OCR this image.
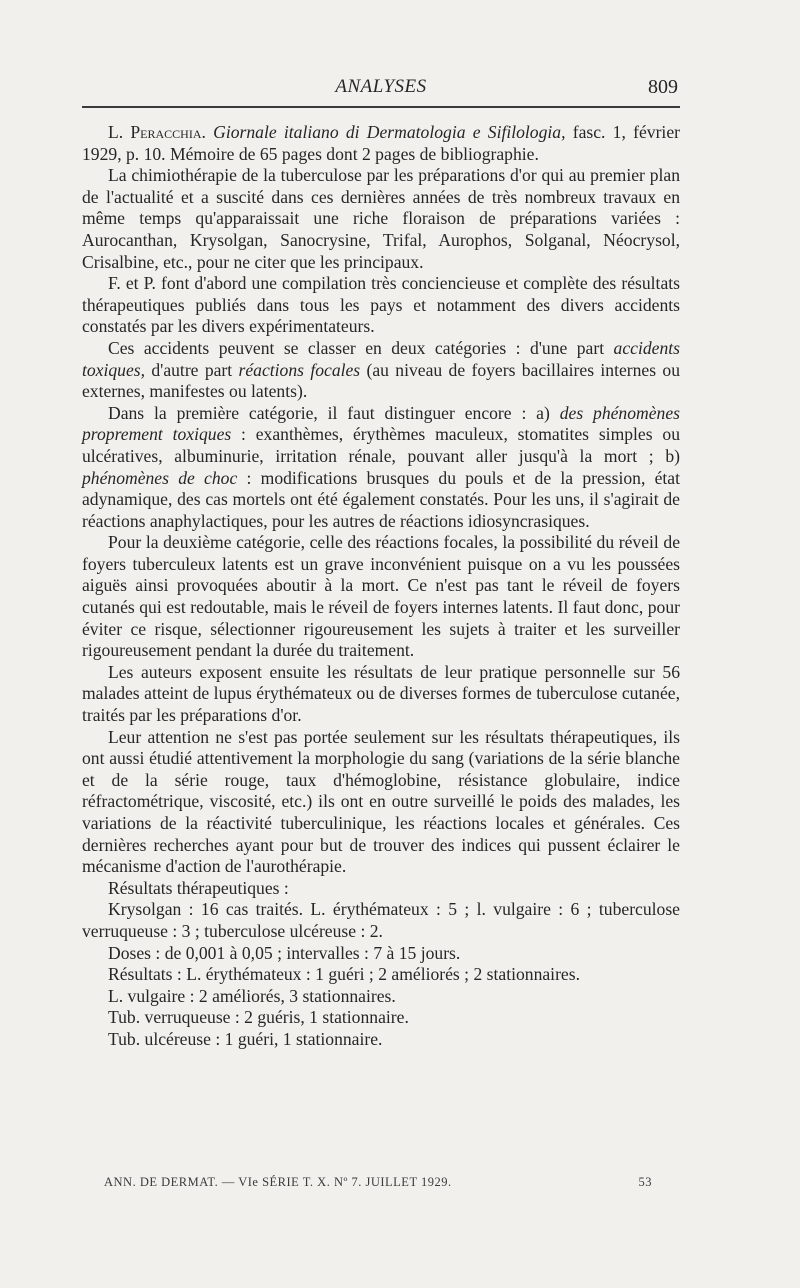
ANALYSES	809

L. Peracchia. Giornale italiano di Dermatologia e Sifilologia, fasc. 1, février 1929, p. 10. Mémoire de 65 pages dont 2 pages de bibliographie.

La chimiothérapie de la tuberculose par les préparations d'or qui au premier plan de l'actualité et a suscité dans ces dernières années de très nombreux travaux en même temps qu'apparaissait une riche floraison de préparations variées : Aurocanthan, Krysolgan, Sanocrysine, Trifal, Aurophos, Solganal, Néocrysol, Crisalbine, etc., pour ne citer que les principaux.

F. et P. font d'abord une compilation très conciencieuse et complète des résultats thérapeutiques publiés dans tous les pays et notamment des divers accidents constatés par les divers expérimentateurs.

Ces accidents peuvent se classer en deux catégories : d'une part accidents toxiques, d'autre part réactions focales (au niveau de foyers bacillaires internes ou externes, manifestes ou latents).

Dans la première catégorie, il faut distinguer encore : a) des phénomènes proprement toxiques : exanthèmes, érythèmes maculeux, stomatites simples ou ulcératives, albuminurie, irritation rénale, pouvant aller jusqu'à la mort ; b) phénomènes de choc : modifications brusques du pouls et de la pression, état adynamique, des cas mortels ont été également constatés. Pour les uns, il s'agirait de réactions anaphylactiques, pour les autres de réactions idiosyncrasiques.

Pour la deuxième catégorie, celle des réactions focales, la possibilité du réveil de foyers tuberculeux latents est un grave inconvénient puisque on a vu les poussées aiguës ainsi provoquées aboutir à la mort. Ce n'est pas tant le réveil de foyers cutanés qui est redoutable, mais le réveil de foyers internes latents. Il faut donc, pour éviter ce risque, sélectionner rigoureusement les sujets à traiter et les surveiller rigoureusement pendant la durée du traitement.

Les auteurs exposent ensuite les résultats de leur pratique personnelle sur 56 malades atteint de lupus érythémateux ou de diverses formes de tuberculose cutanée, traités par les préparations d'or.

Leur attention ne s'est pas portée seulement sur les résultats thérapeutiques, ils ont aussi étudié attentivement la morphologie du sang (variations de la série blanche et de la série rouge, taux d'hémoglobine, résistance globulaire, indice réfractométrique, viscosité, etc.) ils ont en outre surveillé le poids des malades, les variations de la réactivité tuberculinique, les réactions locales et générales. Ces dernières recherches ayant pour but de trouver des indices qui pussent éclairer le mécanisme d'action de l'aurothérapie.

Résultats thérapeutiques :

Krysolgan : 16 cas traités. L. érythémateux : 5 ; l. vulgaire : 6 ; tuberculose verruqueuse : 3 ; tuberculose ulcéreuse : 2.

Doses : de 0,001 à 0,05 ; intervalles : 7 à 15 jours.

Résultats : L. érythémateux : 1 guéri ; 2 améliorés ; 2 stationnaires.

L. vulgaire : 2 améliorés, 3 stationnaires.

Tub. verruqueuse : 2 guéris, 1 stationnaire.

Tub. ulcéreuse : 1 guéri, 1 stationnaire.

ANN. DE DERMAT. — VIe SÉRIE T. X. Nº 7. JUILLET 1929.	53
